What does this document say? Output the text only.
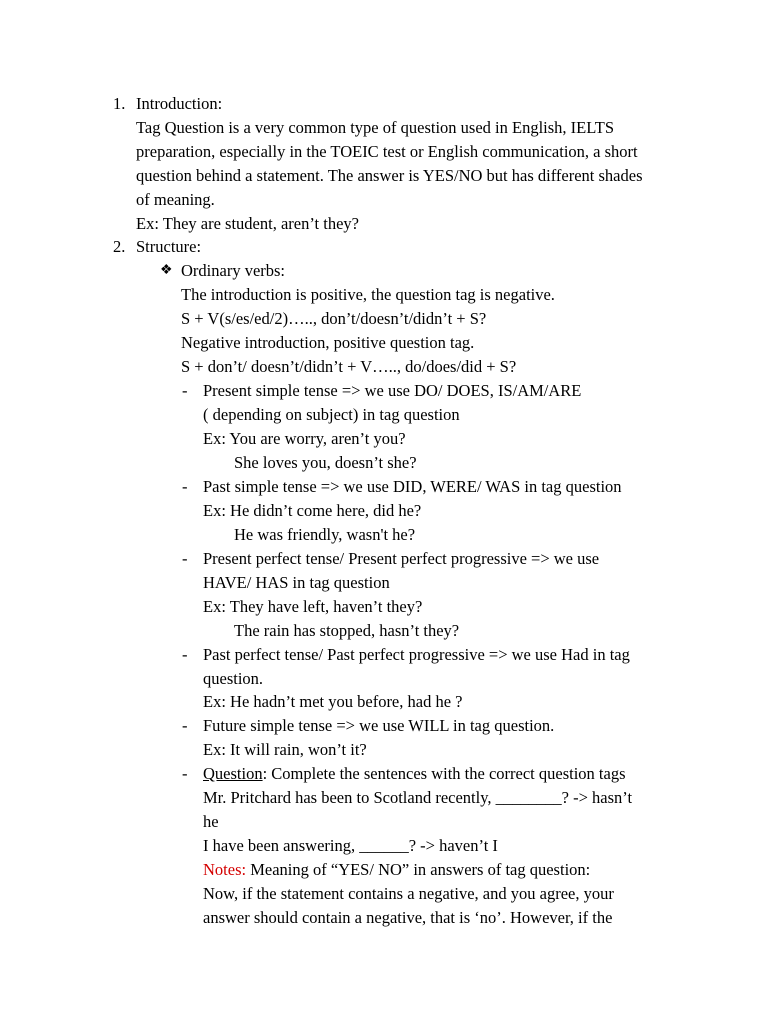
1. Introduction:
Tag Question is a very common type of question used in English, IELTS
preparation, especially in the TOEIC test or English communication, a short
question behind a statement. The answer is YES/NO but has different shades
of meaning.
Ex: They are student, aren’t they?
2. Structure:
❖ Ordinary verbs:
The introduction is positive, the question tag is negative.
S + V(s/es/ed/2)….., don’t/doesn’t/didn’t + S?
Negative introduction, positive question tag.
S + don’t/ doesn’t/didn’t + V….., do/does/did + S?
- Present simple tense => we use DO/ DOES, IS/AM/ARE
( depending on subject) in tag question
Ex: You are worry, aren’t you?
She loves you, doesn’t she?
- Past simple tense => we use DID, WERE/ WAS in tag question
Ex: He didn’t come here, did he?
He was friendly, wasn't he?
- Present perfect tense/ Present perfect progressive => we use
HAVE/ HAS in tag question
Ex: They have left, haven’t they?
The rain has stopped, hasn’t they?
- Past perfect tense/ Past perfect progressive => we use Had in tag
question.
Ex: He hadn’t met you before, had he ?
- Future simple tense => we use WILL in tag question.
Ex: It will rain, won’t it?
- Question: Complete the sentences with the correct question tags
Mr. Pritchard has been to Scotland recently, ________? -> hasn’t
he
I have been answering, ______? -> haven’t I
Notes: Meaning of “YES/ NO” in answers of tag question:
Now, if the statement contains a negative, and you agree, your
answer should contain a negative, that is ‘no’. However, if the
